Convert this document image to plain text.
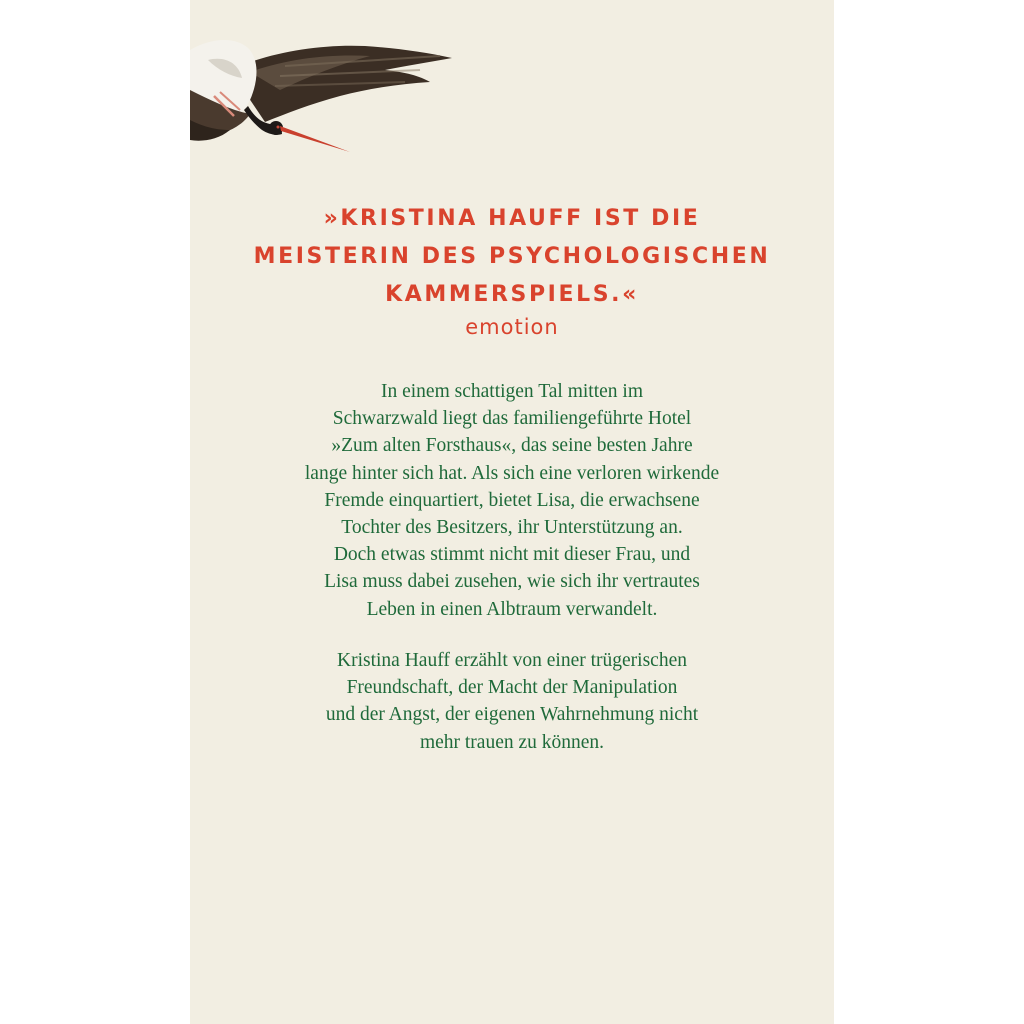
»KRISTINA HAUFF IST DIE
MEISTERIN DES PSYCHOLOGISCHEN
KAMMERSPIELS.«
emotion
In einem schattigen Tal mitten im
Schwarzwald liegt das familiengeführte Hotel
»Zum alten Forsthaus«, das seine besten Jahre
lange hinter sich hat. Als sich eine verloren wirkende
Fremde einquartiert, bietet Lisa, die erwachsene
Tochter des Besitzers, ihr Unterstützung an.
Doch etwas stimmt nicht mit dieser Frau, und
Lisa muss dabei zusehen, wie sich ihr vertrautes
Leben in einen Albtraum verwandelt.
Kristina Hauff erzählt von einer trügerischen
Freundschaft, der Macht der Manipulation
und der Angst, der eigenen Wahrnehmung nicht
mehr trauen zu können.
